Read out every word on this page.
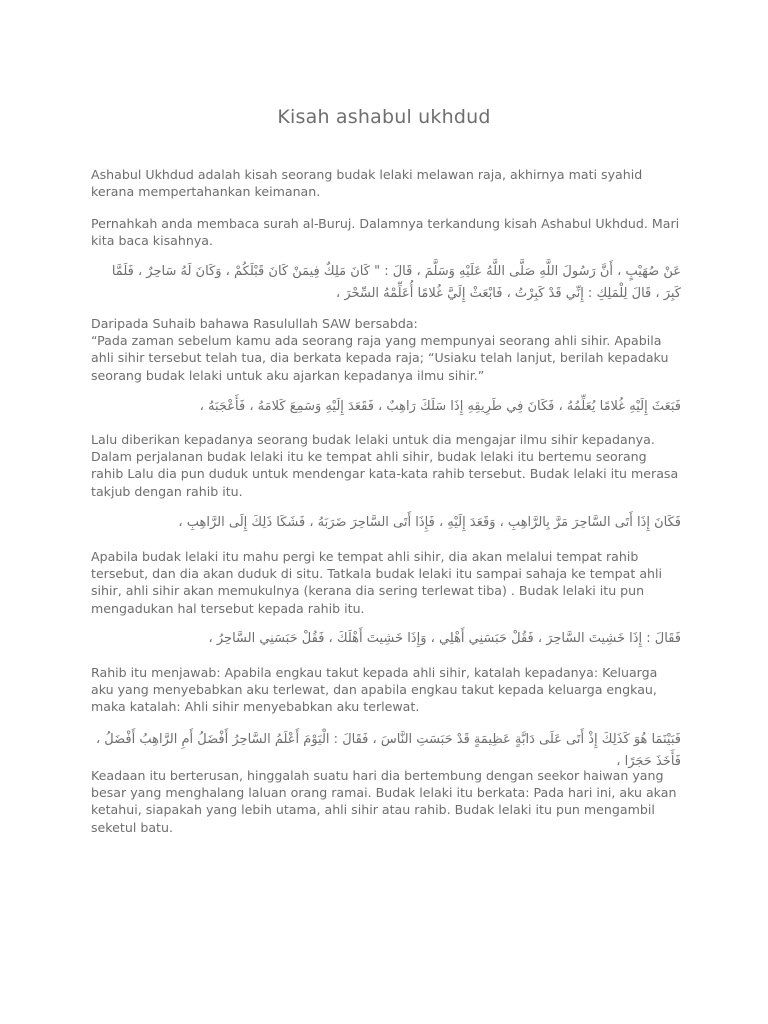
Kisah ashabul ukhdud
Ashabul Ukhdud adalah kisah seorang budak lelaki melawan raja, akhirnya mati syahid kerana mempertahankan keimanan.
Pernahkah anda membaca surah al-Buruj. Dalamnya terkandung kisah Ashabul Ukhdud. Mari kita baca kisahnya.
عَنْ صُهَيْبٍ ، أَنَّ رَسُولَ اللَّهِ صَلَّى اللَّهُ عَلَيْهِ وَسَلَّمَ ، قَالَ : " كَانَ مَلِكٌ فِيمَنْ كَانَ قَبْلَكُمْ ، وَكَانَ لَهُ سَاحِرٌ ، فَلَمَّا كَبِرَ ، قَالَ لِلْمَلِكِ : إِنِّي قَدْ كَبِرْتُ ، فَابْعَثْ إِلَيَّ غُلامًا أُعَلِّمْهُ السِّحْرَ ،
Daripada Suhaib bahawa Rasulullah SAW bersabda:
“Pada zaman sebelum kamu ada seorang raja yang mempunyai seorang ahli sihir. Apabila ahli sihir tersebut telah tua, dia berkata kepada raja; “Usiaku telah lanjut, berilah kepadaku seorang budak lelaki untuk aku ajarkan kepadanya ilmu sihir.”
فَبَعَثَ إِلَيْهِ غُلامًا يُعَلِّمُهُ ، فَكَانَ فِي طَرِيقِهِ إِذَا سَلَكَ رَاهِبٌ ، فَقَعَدَ إِلَيْهِ وَسَمِعَ كَلامَهُ ، فَأَعْجَبَهُ ،
Lalu diberikan kepadanya seorang budak lelaki untuk dia mengajar ilmu sihir kepadanya. Dalam perjalanan budak lelaki itu ke tempat ahli sihir, budak lelaki itu bertemu seorang rahib Lalu dia pun duduk untuk mendengar kata-kata rahib tersebut. Budak lelaki itu merasa takjub dengan rahib itu.
فَكَانَ إِذَا أَتَى السَّاحِرَ مَرَّ بِالرَّاهِبِ ، وَقَعَدَ إِلَيْهِ ، فَإِذَا أَتَى السَّاحِرَ ضَرَبَهُ ، فَشَكَا ذَلِكَ إِلَى الرَّاهِبِ ،
Apabila budak lelaki itu mahu pergi ke tempat ahli sihir, dia akan melalui tempat rahib tersebut, dan dia akan duduk di situ. Tatkala budak lelaki itu sampai sahaja ke tempat ahli sihir, ahli sihir akan memukulnya (kerana dia sering terlewat tiba) . Budak lelaki itu pun mengadukan hal tersebut kepada rahib itu.
فَقَالَ : إِذَا خَشِيتَ السَّاحِرَ ، فَقُلْ حَبَسَنِي أَهْلِي ، وَإِذَا خَشِيتَ أَهْلَكَ ، فَقُلْ حَبَسَنِي السَّاحِرُ ،
Rahib itu menjawab: Apabila engkau takut kepada ahli sihir, katalah kepadanya: Keluarga aku yang menyebabkan aku terlewat, dan apabila engkau takut kepada keluarga engkau, maka katalah: Ahli sihir menyebabkan aku terlewat.
فَبَيْنَمَا هُوَ كَذَلِكَ إِذْ أَتَى عَلَى دَابَّةٍ عَظِيمَةٍ قَدْ حَبَسَتِ النَّاسَ ، فَقَالَ : الْيَوْمَ أَعْلَمُ السَّاحِرُ أَفْضَلُ أَمِ الرَّاهِبُ أَفْضَلُ ، فَأَخَذَ حَجَرًا ،
Keadaan itu berterusan, hinggalah suatu hari dia bertembung dengan seekor haiwan yang besar yang menghalang laluan orang ramai. Budak lelaki itu berkata: Pada hari ini, aku akan ketahui, siapakah yang lebih utama, ahli sihir atau rahib. Budak lelaki itu pun mengambil seketul batu.
